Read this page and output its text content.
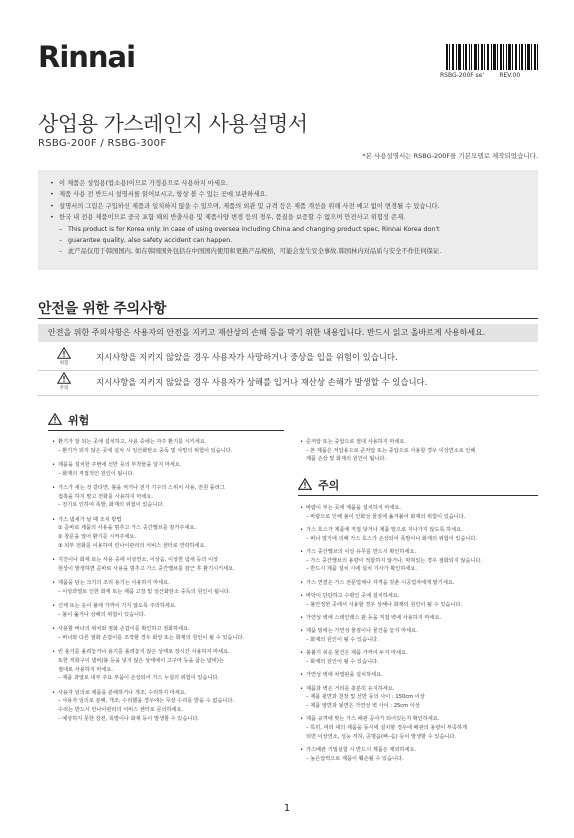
Rinnai
RSBG-200F se'        REV.00
상업용 가스레인지 사용설명서
RSBG-200F / RSBG-300F
*본 사용설명서는 RSBG-200F를 기본모델로 제작되었습니다.
• 이 제품은 상업용(업소용)이므로 가정용으로 사용하지 마세요.
• 제품 사용 전 반드시 설명서를 읽어보시고, 항상 볼 수 있는 곳에 보관하세요.
• 설명서의 그림은 구입하신 제품과 일치하지 않을 수 있으며, 제품의 외관 및 규격 등은 제품 개선을 위해 사전 예고 없이 변경될 수 있습니다.
• 한국 내 전용 제품이므로 중국 포함 해외 반출사용 및 제품사양 변경 등의 경우, 품질을 보증할 수 없으며 안전사고 위험성 존재.
– This product is for Korea only. In case of using oversea including China and changing product spec, Rinnai Korea don't
– guarantee quality, also safety accident can happen.
– 此产品仅用于韩国国内, 如在韩国国外包括在中国国内使用和更换产品规格，可能会发生安全事故.韩国林内对品质与安全不作任何保证.
안전을 위한 주의사항
안전을 위한 주의사항은 사용자의 안전을 지키고 재산상의 손해 등을 막기 위한 내용입니다. 반드시 읽고 올바르게 사용하세요.
위험
지시사항을 지키지 않았을 경우 사용자가 사망하거나 중상을 입을 위험이 있습니다.
주의
지시사항을 지키지 않았을 경우 사용자가 상해를 입거나 재산상 손해가 발생할 수 있습니다.
위험
• 환기가 잘 되는 곳에 설치하고, 사용 중에는 자주 환기를 시키세요.
– 환기가 되지 않은 곳에 설치 시 일산화탄소 중독 및 사망의 위험이 있습니다.
• 제품을 설치한 주변에 선반 등의 부착물을 달지 마세요.
– 화재의 직접적인 원인이 됩니다.
• 가스가 새는 것 같다면, 불을 켜거나 전기 기구의 스위치 사용, 전원 플러그
접촉을 하지 말고 전화를 사용하지 마세요.
– 전기로 인하여 폭발, 화재의 위험이 있습니다.
• 가스 냄새가 날 때 조치 방법
① 곧바로 제품의 사용을 멈추고 가스 중간밸브를 잠가주세요.
② 창문을 열어 환기를 시켜주세요.
③ 외부 전화를 이용하여 린나이관리의 서비스 센터로 연락하세요.
• 지진이나 화재 또는 사용 중에 이상연소, 이상음, 이상한 냄새 등의 이상
현상이 발생하면 곧바로 사용을 멈추고 가스 중간밸브를 잠근 후 환기시키세요.
• 제품을 담는 크기의 조리 용기는 사용하지 마세요.
– 이상과열로 인한 화재 또는 제품 고장 및 일산화탄소 중독의 원인이 됩니다.
• 신체 또는 옷이 불에 가까이 가지 않도록 주의하세요.
– 불이 옮거나 상해의 위험이 있습니다.
• 사용할 버너의 위치와 점화 손잡이를 확인하고 점화하세요.
– 버너와 다른 점화 손잡이를 조작할 경우 화상 또는 화재의 원인이 될 수 있습니다.
• 빈 용기를 올려놓거나 용기를 올려놓지 않은 상태로 장시간 사용하지 마세요.
또한 직화구이 냄비(불 등을 넣지 않은 상태에서 고구마 등을 굽는 냄비)는
절대로 사용하지 마세요.
– 제품 과열로 내부 주요 부품이 손상되어 가스 누설의 위험이 있습니다.
• 사용자 임의로 제품을 분해하거나 개조, 수리하지 마세요.
– 사용자 임의로 분해, 개조, 수리했을 경우에는 무상 수리를 받을 수 없습니다.
수리는 반드시 린나이관리의 서비스 센터로 문의하세요.
– 예상하지 못한 감전, 폭발이나 화재 등이 발생할 수 있습니다.
• 준저압 또는 중압으로 절대 사용하지 마세요.
– 본 제품은 저압용으로 준저압 또는 중압으로 사용할 경우 이상연소로 인해
제품 손상 및 화재의 원인이 됩니다.
주의
• 바람이 부는 곳에 제품을 설치하지 마세요.
– 바람으로 인해 불이 인화성 물질에 옮겨붙어 화재의 위험이 있습니다.
• 가스 호스가 제품에 직접 닿거나 제품 밑으로 지나가지 않도록 하세요.
– 버너 열기에 의해 가스 호스가 손상되어 폭발이나 화재의 위험이 있습니다.
• 가스 중간밸브의 이상 유무를 반드시 확인하세요.
– 가스 중간밸브의 용량이 적합하지 않거나, 막혀있는 경우 점화되지 않습니다.
– 반드시 제품 설치 시에 설치 기사가 확인하세요.
• 가스 연결은 가스 전문업체나 자격을 갖춘 시공업자에게 맡기세요.
• 바닥이 단단하고 수평인 곳에 설치하세요.
– 불안정한 곳에서 사용할 경우 상해나 화재의 원인이 될 수 있습니다.
• 가연성 벽에 스테인레스 판 등을 직접 벽에 사용하지 마세요.
• 제품 밑에는 가연성 물질이나 물건을 놓지 마세요.
– 화재의 원인이 될 수 있습니다.
• 불붙기 쉬운 물건은 제품 가까이 두지 마세요.
– 화재의 원인이 될 수 있습니다.
• 가연성 벽에 차열판을 설치하세요.
• 제품과 벽은 거리를 충분히 유지하세요.
– 제품 윗면과 천장 및 선반 등의 사이 : 150cm 이상
– 제품 옆면과 뒷면은 가연성 벽 사이 : 25cm 이상
• 제품 규격에 맞는 가스 배관 공사가 되어있는지 확인하세요.
– 특히, 여러 대의 제품을 동시에 설치할 경우에 배관의 용량이 부족하게
되면 이상연소, 성능 저하, 공명음(삐–음) 등이 발생할 수 있습니다.
• 가스배관 기밀실험 시 반드시 제품은 제외하세요.
– 높은압력으로 제품이 훼손될 수 있습니다.
1
